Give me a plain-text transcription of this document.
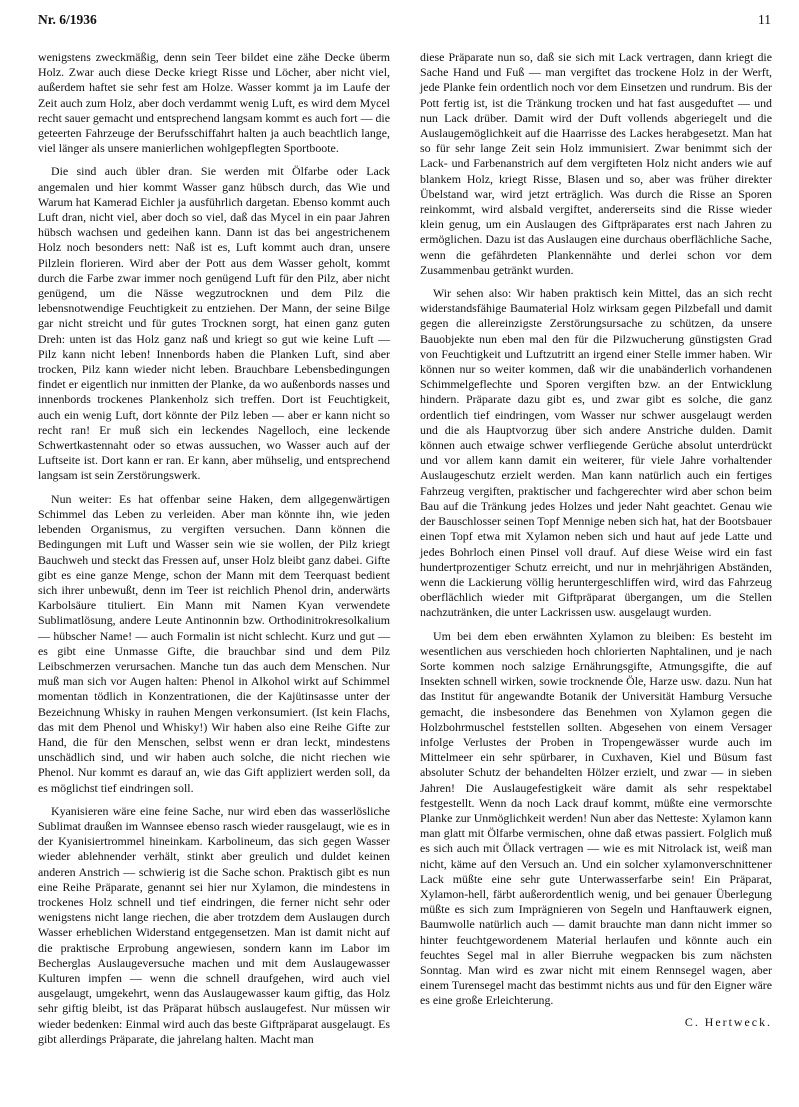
Nr. 6/1936	11

wenigstens zweckmäßig, denn sein Teer bildet eine zähe Decke überm Holz. Zwar auch diese Decke kriegt Risse und Löcher, aber nicht viel, außerdem haftet sie sehr fest am Holze. Wasser kommt ja im Laufe der Zeit auch zum Holz, aber doch verdammt wenig Luft, es wird dem Mycel recht sauer gemacht und entsprechend langsam kommt es auch fort — die geteerten Fahrzeuge der Berufsschiffahrt halten ja auch beachtlich lange, viel länger als unsere manierlichen wohlgepflegten Sportboote.

Die sind auch übler dran. Sie werden mit Ölfarbe oder Lack angemalen und hier kommt Wasser ganz hübsch durch, das Wie und Warum hat Kamerad Eichler ja ausführlich dargetan. Ebenso kommt auch Luft dran, nicht viel, aber doch so viel, daß das Mycel in ein paar Jahren hübsch wachsen und gedeihen kann. Dann ist das bei angestrichenem Holz noch besonders nett: Naß ist es, Luft kommt auch dran, unsere Pilzlein florieren. Wird aber der Pott aus dem Wasser geholt, kommt durch die Farbe zwar immer noch genügend Luft für den Pilz, aber nicht genügend, um die Nässe wegzutrocknen und dem Pilz die lebensnotwendige Feuchtigkeit zu entziehen. Der Mann, der seine Bilge gar nicht streicht und für gutes Trocknen sorgt, hat einen ganz guten Dreh: unten ist das Holz ganz naß und kriegt so gut wie keine Luft — Pilz kann nicht leben! Innenbords haben die Planken Luft, sind aber trocken, Pilz kann wieder nicht leben. Brauchbare Lebensbedingungen findet er eigentlich nur inmitten der Planke, da wo außenbords nasses und innenbords trockenes Plankenholz sich treffen. Dort ist Feuchtigkeit, auch ein wenig Luft, dort könnte der Pilz leben — aber er kann nicht so recht ran! Er muß sich ein leckendes Nagelloch, eine leckende Schwertkastennaht oder so etwas aussuchen, wo Wasser auch auf der Luftseite ist. Dort kann er ran. Er kann, aber mühselig, und entsprechend langsam ist sein Zerstörungswerk.

Nun weiter: Es hat offenbar seine Haken, dem allgegenwärtigen Schimmel das Leben zu verleiden. Aber man könnte ihn, wie jeden lebenden Organismus, zu vergiften versuchen. Dann können die Bedingungen mit Luft und Wasser sein wie sie wollen, der Pilz kriegt Bauchweh und steckt das Fressen auf, unser Holz bleibt ganz dabei. Gifte gibt es eine ganze Menge, schon der Mann mit dem Teerquast bedient sich ihrer unbewußt, denn im Teer ist reichlich Phenol drin, anderwärts Karbolsäure tituliert. Ein Mann mit Namen Kyan verwendete Sublimatlösung, andere Leute Antinonnin bzw. Orthodinitrokresolkalium — hübscher Name! — auch Formalin ist nicht schlecht. Kurz und gut — es gibt eine Unmasse Gifte, die brauchbar sind und dem Pilz Leibschmerzen verursachen. Manche tun das auch dem Menschen. Nur muß man sich vor Augen halten: Phenol in Alkohol wirkt auf Schimmel momentan tödlich in Konzentrationen, die der Kajütinsasse unter der Bezeichnung Whisky in rauhen Mengen verkonsumiert. (Ist kein Flachs, das mit dem Phenol und Whisky!) Wir haben also eine Reihe Gifte zur Hand, die für den Menschen, selbst wenn er dran leckt, mindestens unschädlich sind, und wir haben auch solche, die nicht riechen wie Phenol. Nur kommt es darauf an, wie das Gift appliziert werden soll, da es möglichst tief eindringen soll.

Kyanisieren wäre eine feine Sache, nur wird eben das wasserlösliche Sublimat draußen im Wannsee ebenso rasch wieder rausgelaugt, wie es in der Kyanisiertrommel hineinkam. Karbolineum, das sich gegen Wasser wieder ablehnender verhält, stinkt aber greulich und duldet keinen anderen Anstrich — schwierig ist die Sache schon. Praktisch gibt es nun eine Reihe Präparate, genannt sei hier nur Xylamon, die mindestens in trockenes Holz schnell und tief eindringen, die ferner nicht sehr oder wenigstens nicht lange riechen, die aber trotzdem dem Auslaugen durch Wasser erheblichen Widerstand entgegensetzen. Man ist damit nicht auf die praktische Erprobung angewiesen, sondern kann im Labor im Becherglas Auslaugeversuche machen und mit dem Auslaugewasser Kulturen impfen — wenn die schnell draufgehen, wird auch viel ausgelaugt, umgekehrt, wenn das Auslaugewasser kaum giftig, das Holz sehr giftig bleibt, ist das Präparat hübsch auslaugefest. Nur müssen wir wieder bedenken: Einmal wird auch das beste Giftpräparat ausgelaugt. Es gibt allerdings Präparate, die jahrelang halten. Macht man

diese Präparate nun so, daß sie sich mit Lack vertragen, dann kriegt die Sache Hand und Fuß — man vergiftet das trockene Holz in der Werft, jede Planke fein ordentlich noch vor dem Einsetzen und rundrum. Bis der Pott fertig ist, ist die Tränkung trocken und hat fast ausgeduftet — und nun Lack drüber. Damit wird der Duft vollends abgeriegelt und die Auslaugemöglichkeit auf die Haarrisse des Lackes herabgesetzt. Man hat so für sehr lange Zeit sein Holz immunisiert. Zwar benimmt sich der Lack- und Farbenanstrich auf dem vergifteten Holz nicht anders wie auf blankem Holz, kriegt Risse, Blasen und so, aber was früher direkter Übelstand war, wird jetzt erträglich. Was durch die Risse an Sporen reinkommt, wird alsbald vergiftet, andererseits sind die Risse wieder klein genug, um ein Auslaugen des Giftpräparates erst nach Jahren zu ermöglichen. Dazu ist das Auslaugen eine durchaus oberflächliche Sache, wenn die gefährdeten Plankennähte und derlei schon vor dem Zusammenbau getränkt wurden.

Wir sehen also: Wir haben praktisch kein Mittel, das an sich recht widerstandsfähige Baumaterial Holz wirksam gegen Pilzbefall und damit gegen die allereinzigste Zerstörungsursache zu schützen, da unsere Bauobjekte nun eben mal den für die Pilzwucherung günstigsten Grad von Feuchtigkeit und Luftzutritt an irgend einer Stelle immer haben. Wir können nur so weiter kommen, daß wir die unabänderlich vorhandenen Schimmelgeflechte und Sporen vergiften bzw. an der Entwicklung hindern. Präparate dazu gibt es, und zwar gibt es solche, die ganz ordentlich tief eindringen, vom Wasser nur schwer ausgelaugt werden und die als Hauptvorzug über sich andere Anstriche dulden. Damit können auch etwaige schwer verfliegende Gerüche absolut unterdrückt und vor allem kann damit ein weiterer, für viele Jahre vorhaltender Auslaugeschutz erzielt werden. Man kann natürlich auch ein fertiges Fahrzeug vergiften, praktischer und fachgerechter wird aber schon beim Bau auf die Tränkung jedes Holzes und jeder Naht geachtet. Genau wie der Bauschlosser seinen Topf Mennige neben sich hat, hat der Bootsbauer einen Topf etwa mit Xylamon neben sich und haut auf jede Latte und jedes Bohrloch einen Pinsel voll drauf. Auf diese Weise wird ein fast hundertprozentiger Schutz erreicht, und nur in mehrjährigen Abständen, wenn die Lackierung völlig heruntergeschliffen wird, wird das Fahrzeug oberflächlich wieder mit Giftpräparat übergangen, um die Stellen nachzutränken, die unter Lackrissen usw. ausgelaugt wurden.

Um bei dem eben erwähnten Xylamon zu bleiben: Es besteht im wesentlichen aus verschieden hoch chlorierten Naphtalinen, und je nach Sorte kommen noch salzige Ernährungsgifte, Atmungsgifte, die auf Insekten schnell wirken, sowie trocknende Öle, Harze usw. dazu. Nun hat das Institut für angewandte Botanik der Universität Hamburg Versuche gemacht, die insbesondere das Benehmen von Xylamon gegen die Holzbohrmuschel feststellen sollten. Abgesehen von einem Versager infolge Verlustes der Proben in Tropengewässer wurde auch im Mittelmeer ein sehr spürbarer, in Cuxhaven, Kiel und Büsum fast absoluter Schutz der behandelten Hölzer erzielt, und zwar — in sieben Jahren! Die Auslaugefestigkeit wäre damit als sehr respektabel festgestellt. Wenn da noch Lack drauf kommt, müßte eine vermorschte Planke zur Unmöglichkeit werden! Nun aber das Netteste: Xylamon kann man glatt mit Ölfarbe vermischen, ohne daß etwas passiert. Folglich muß es sich auch mit Öllack vertragen — wie es mit Nitrolack ist, weiß man nicht, käme auf den Versuch an. Und ein solcher xylamonverschnittener Lack müßte eine sehr gute Unterwasserfarbe sein! Ein Präparat, Xylamon-hell, färbt außerordentlich wenig, und bei genauer Überlegung müßte es sich zum Imprägnieren von Segeln und Hanftauwerk eignen, Baumwolle natürlich auch — damit brauchte man dann nicht immer so hinter feuchtgewordenem Material herlaufen und könnte auch ein feuchtes Segel mal in aller Bierruhe wegpacken bis zum nächsten Sonntag. Man wird es zwar nicht mit einem Rennsegel wagen, aber einem Turensegel macht das bestimmt nichts aus und für den Eigner wäre es eine große Erleichterung.

C. Hertweck.
